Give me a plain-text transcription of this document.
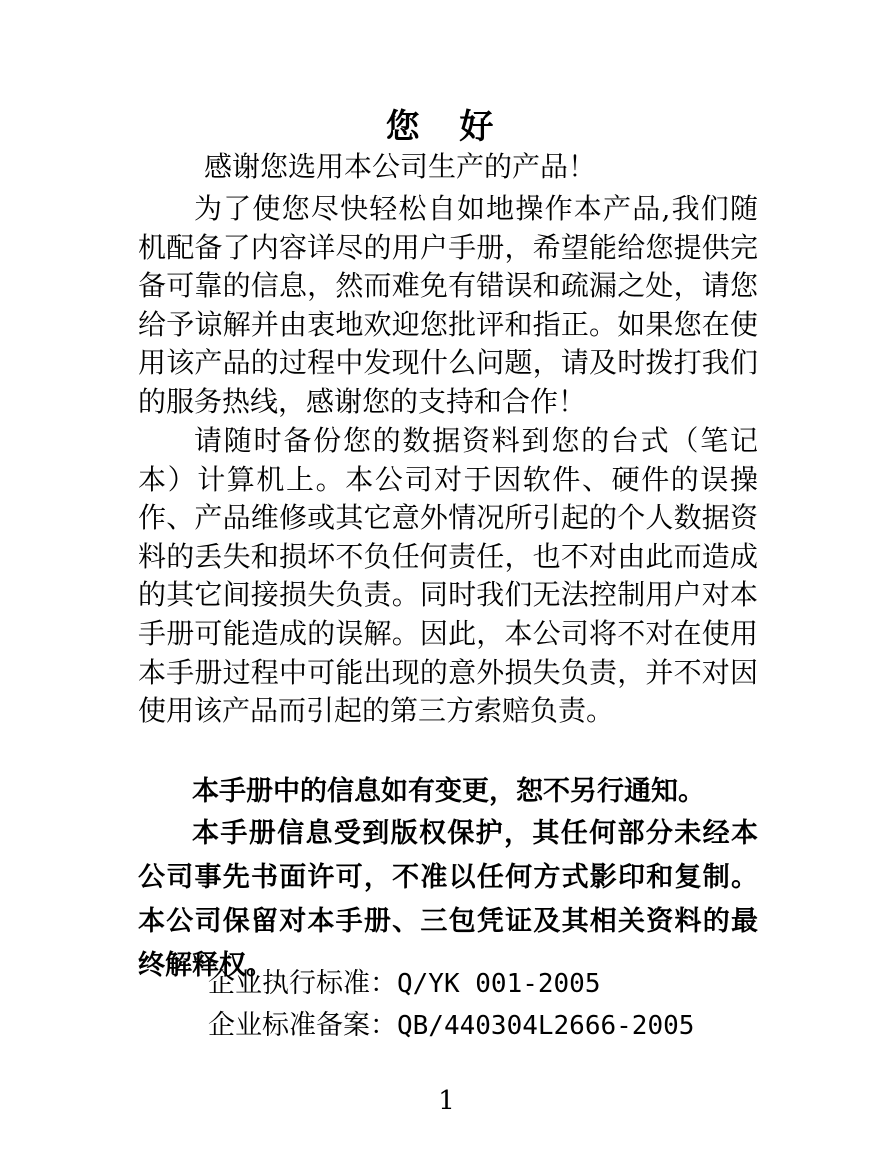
您 好

感谢您选用本公司生产的产品！

为了使您尽快轻松自如地操作本产品,我们随机配备了内容详尽的用户手册，希望能给您提供完备可靠的信息，然而难免有错误和疏漏之处，请您给予谅解并由衷地欢迎您批评和指正。如果您在使用该产品的过程中发现什么问题，请及时拨打我们的服务热线，感谢您的支持和合作！

请随时备份您的数据资料到您的台式（笔记本）计算机上。本公司对于因软件、硬件的误操作、产品维修或其它意外情况所引起的个人数据资料的丢失和损坏不负任何责任，也不对由此而造成的其它间接损失负责。同时我们无法控制用户对本手册可能造成的误解。因此，本公司将不对在使用本手册过程中可能出现的意外损失负责，并不对因使用该产品而引起的第三方索赔负责。

本手册中的信息如有变更，恕不另行通知。

本手册信息受到版权保护，其任何部分未经本公司事先书面许可，不准以任何方式影印和复制。本公司保留对本手册、三包凭证及其相关资料的最终解释权。

企业执行标准：Q/YK 001-2005

企业标准备案：QB/440304L2666-2005

1
